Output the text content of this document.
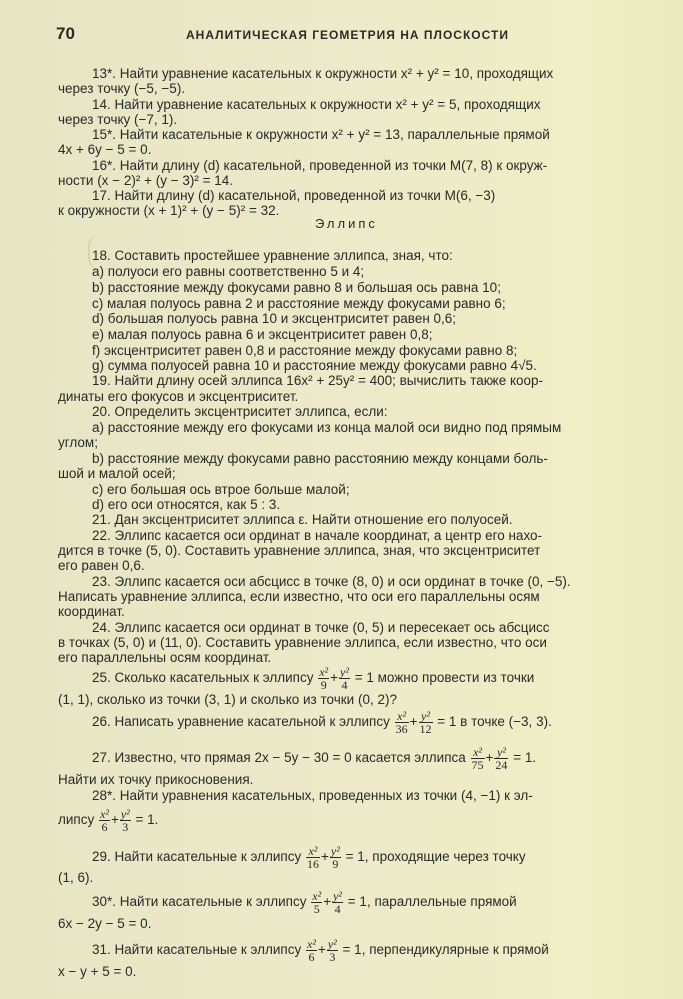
70	АНАЛИТИЧЕСКАЯ ГЕОМЕТРИЯ НА ПЛОСКОСТИ
13*. Найти уравнение касательных к окружности x² + y² = 10, проходящих
через точку (−5, −5).
14. Найти уравнение касательных к окружности x² + y² = 5, проходящих
через точку (−7, 1).
15*. Найти касательные к окружности x² + y² = 13, параллельные прямой
4x + 6y − 5 = 0.
16*. Найти длину (d) касательной, проведенной из точки M(7, 8) к окруж-
ности (x − 2)² + (y − 3)² = 14.
17. Найти длину (d) касательной, проведенной из точки M(6, −3)
к окружности (x + 1)² + (y − 5)² = 32.
Эллипс
18. Составить простейшее уравнение эллипса, зная, что:
a) полуоси его равны соответственно 5 и 4;
b) расстояние между фокусами равно 8 и большая ось равна 10;
c) малая полуось равна 2 и расстояние между фокусами равно 6;
d) большая полуось равна 10 и эксцентриситет равен 0,6;
e) малая полуось равна 6 и эксцентриситет равен 0,8;
f) эксцентриситет равен 0,8 и расстояние между фокусами равно 8;
g) сумма полуосей равна 10 и расстояние между фокусами равно 4√5.
19. Найти длину осей эллипса 16x² + 25y² = 400; вычислить также коор-
динаты его фокусов и эксцентриситет.
20. Определить эксцентриситет эллипса, если:
a) расстояние между его фокусами из конца малой оси видно под прямым
углом;
b) расстояние между фокусами равно расстоянию между концами боль-
шой и малой осей;
c) его большая ось втрое больше малой;
d) его оси относятся, как 5 : 3.
21. Дан эксцентриситет эллипса ε. Найти отношение его полуосей.
22. Эллипс касается оси ординат в начале координат, а центр его нахо-
дится в точке (5, 0). Составить уравнение эллипса, зная, что эксцентриситет
его равен 0,6.
23. Эллипс касается оси абсцисс в точке (8, 0) и оси ординат в точке (0, −5).
Написать уравнение эллипса, если известно, что оси его параллельны осям
координат.
24. Эллипс касается оси ординат в точке (0, 5) и пересекает ось абсцисс
в точках (5, 0) и (11, 0). Составить уравнение эллипса, если известно, что оси
его параллельны осям координат.
25. Сколько касательных к эллипсу $\frac{\text{x²}}{9} + \frac{\text{y²}}{4} = 1$ можно провести из точки
(1, 1), сколько из точки (3, 1) и сколько из точки (0, 2)?
26. Написать уравнение касательной к эллипсу $\frac{\text{x²}}{36} + \frac{\text{y²}}{12} = 1$ в точке (−3, 3).
27. Известно, что прямая 2x − 5y − 30 = 0 касается эллипса $\frac{\text{x²}}{75} + \frac{\text{y²}}{24} = 1$.
Найти их точку прикосновения.
28*. Найти уравнения касательных, проведенных из точки (4, −1) к эл-
липсу $\frac{\text{x²}}{6} + \frac{\text{y²}}{3} = 1$.
29. Найти касательные к эллипсу $\frac{\text{x²}}{16} + \frac{\text{y²}}{9} = 1$, проходящие через точку
(1, 6).
30*. Найти касательные к эллипсу $\frac{\text{x²}}{5} + \frac{\text{y²}}{4} = 1$, параллельные прямой
6x − 2y − 5 = 0.
31. Найти касательные к эллипсу $\frac{\text{x²}}{6} + \frac{\text{y²}}{3} = 1$, перпендикулярные к прямой
x − y + 5 = 0.
